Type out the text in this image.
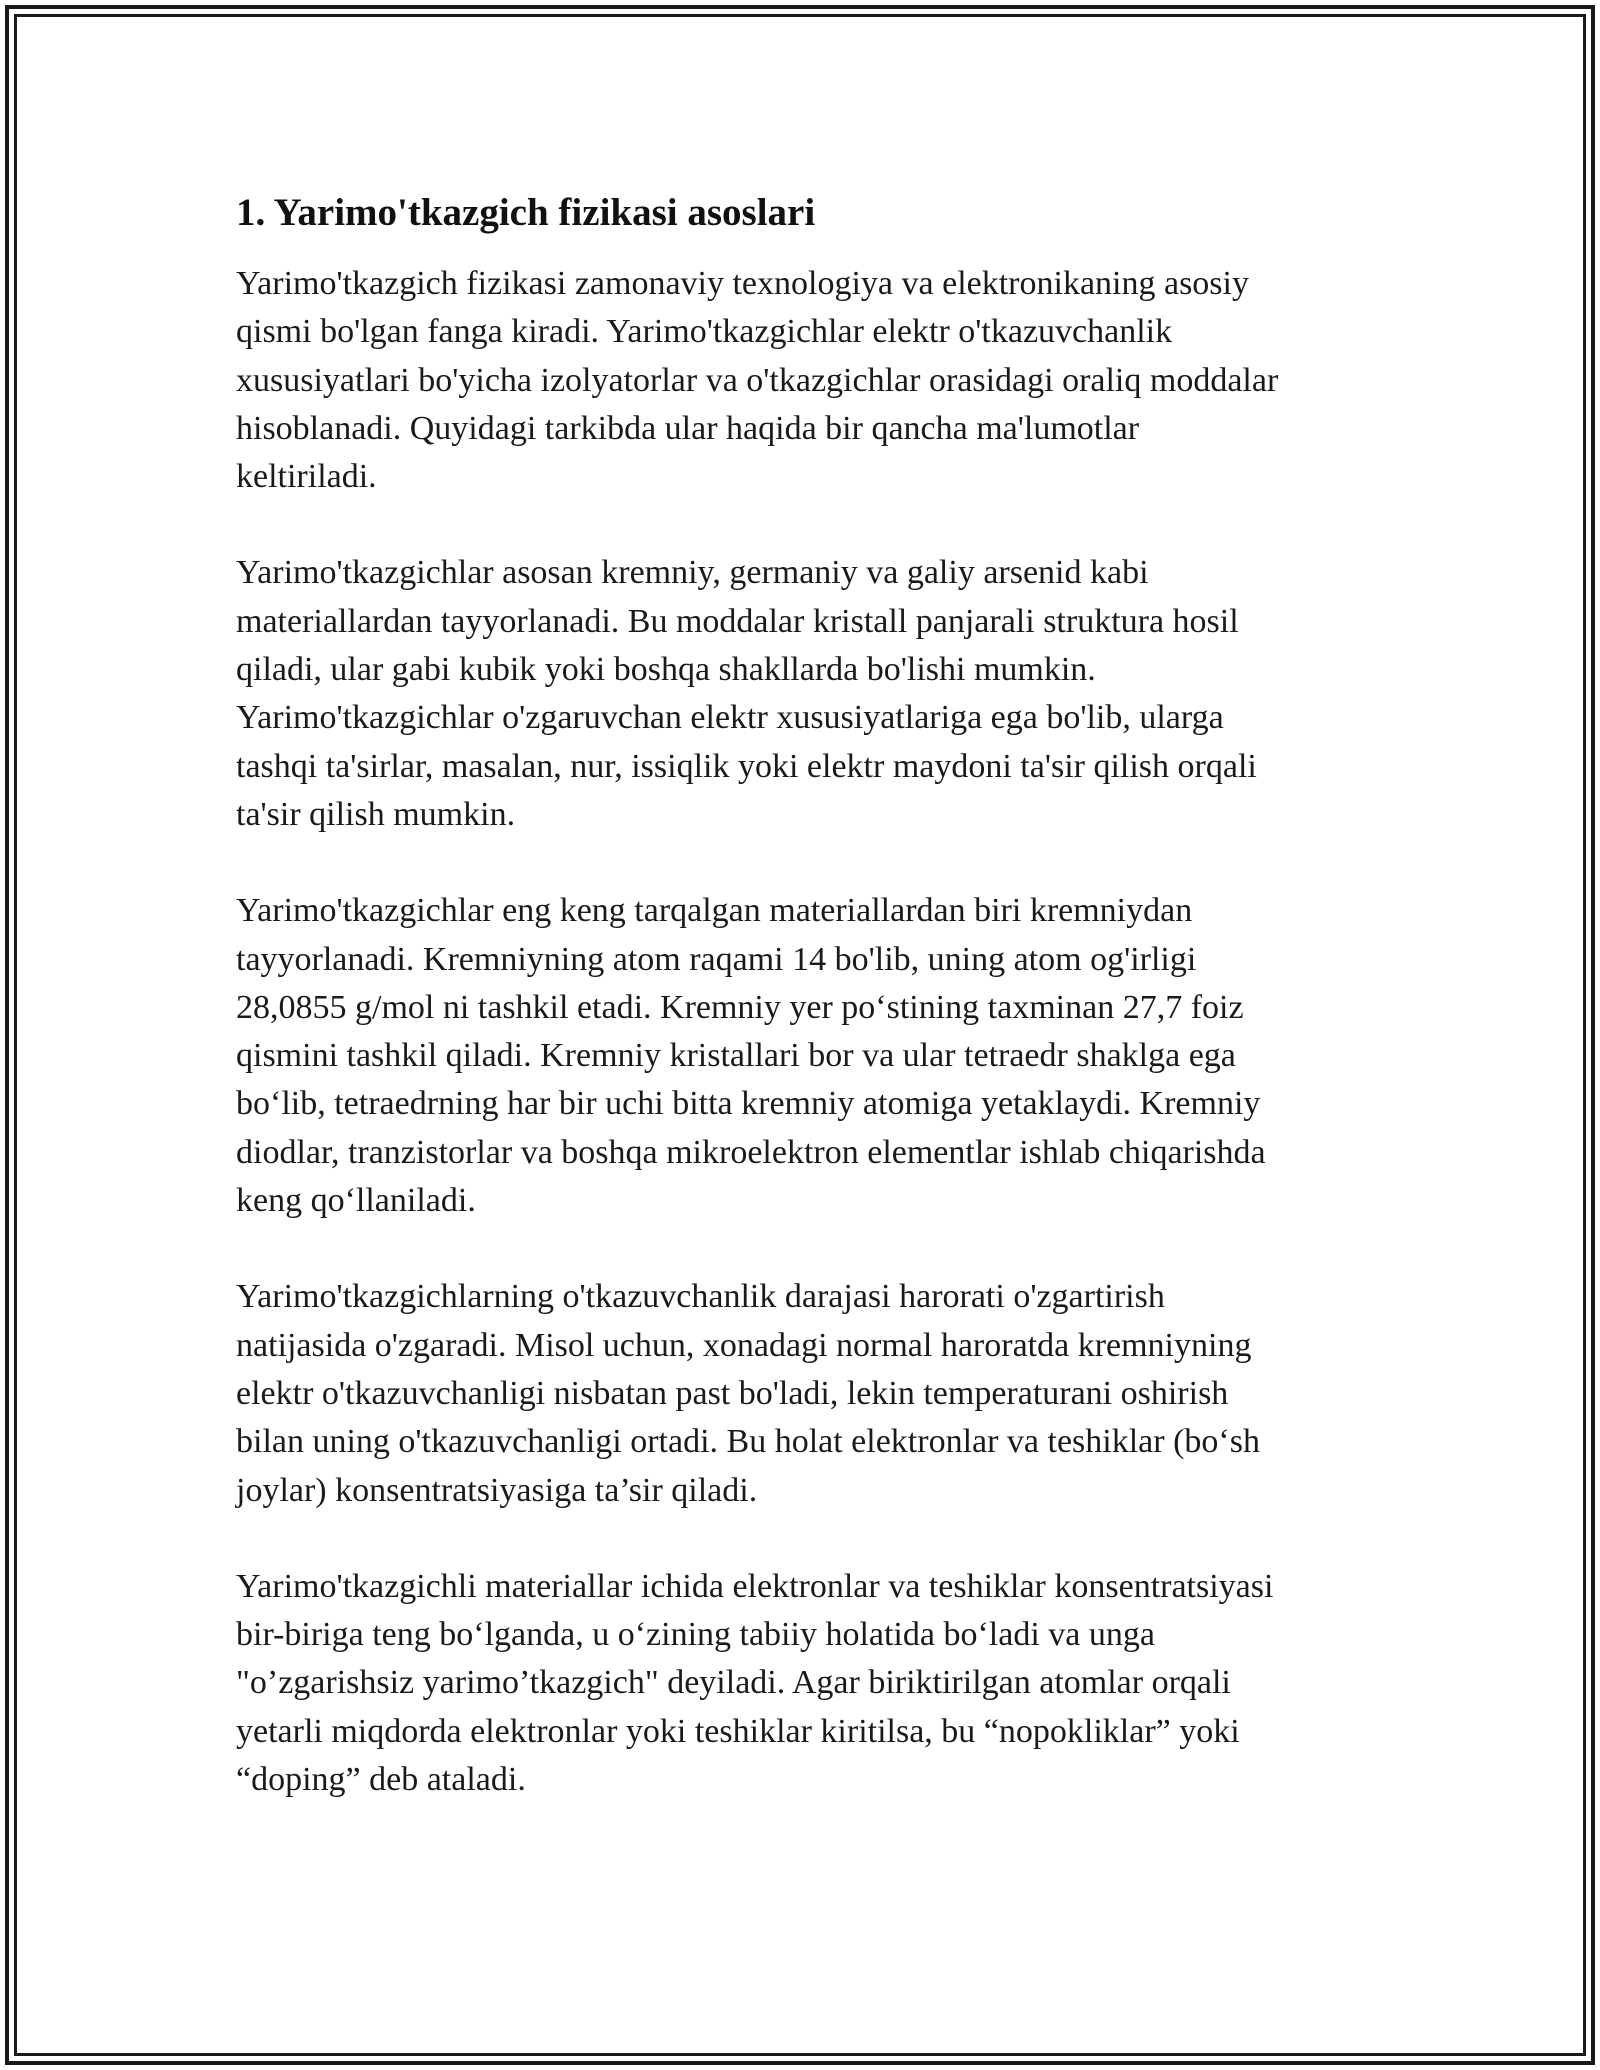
1. Yarimo'tkazgich fizikasi asoslari
Yarimo'tkazgich fizikasi zamonaviy texnologiya va elektronikaning asosiy
qismi bo'lgan fanga kiradi. Yarimo'tkazgichlar elektr o'tkazuvchanlik
xususiyatlari bo'yicha izolyatorlar va o'tkazgichlar orasidagi oraliq moddalar
hisoblanadi. Quyidagi tarkibda ular haqida bir qancha ma'lumotlar
keltiriladi.
Yarimo'tkazgichlar asosan kremniy, germaniy va galiy arsenid kabi
materiallardan tayyorlanadi. Bu moddalar kristall panjarali struktura hosil
qiladi, ular gabi kubik yoki boshqa shakllarda bo'lishi mumkin.
Yarimo'tkazgichlar o'zgaruvchan elektr xususiyatlariga ega bo'lib, ularga
tashqi ta'sirlar, masalan, nur, issiqlik yoki elektr maydoni ta'sir qilish orqali
ta'sir qilish mumkin.
Yarimo'tkazgichlar eng keng tarqalgan materiallardan biri kremniydan
tayyorlanadi. Kremniyning atom raqami 14 bo'lib, uning atom og'irligi
28,0855 g/mol ni tashkil etadi. Kremniy yer po‘stining taxminan 27,7 foiz
qismini tashkil qiladi. Kremniy kristallari bor va ular tetraedr shaklga ega
bo‘lib, tetraedrning har bir uchi bitta kremniy atomiga yetaklaydi. Kremniy
diodlar, tranzistorlar va boshqa mikroelektron elementlar ishlab chiqarishda
keng qo‘llaniladi.
Yarimo'tkazgichlarning o'tkazuvchanlik darajasi harorati o'zgartirish
natijasida o'zgaradi. Misol uchun, xonadagi normal haroratda kremniyning
elektr o'tkazuvchanligi nisbatan past bo'ladi, lekin temperaturani oshirish
bilan uning o'tkazuvchanligi ortadi. Bu holat elektronlar va teshiklar (bo‘sh
joylar) konsentratsiyasiga ta’sir qiladi.
Yarimo'tkazgichli materiallar ichida elektronlar va teshiklar konsentratsiyasi
bir-biriga teng bo‘lganda, u o‘zining tabiiy holatida bo‘ladi va unga
"o’zgarishsiz yarimo’tkazgich" deyiladi. Agar biriktirilgan atomlar orqali
yetarli miqdorda elektronlar yoki teshiklar kiritilsa, bu “nopokliklar” yoki
“doping” deb ataladi.
